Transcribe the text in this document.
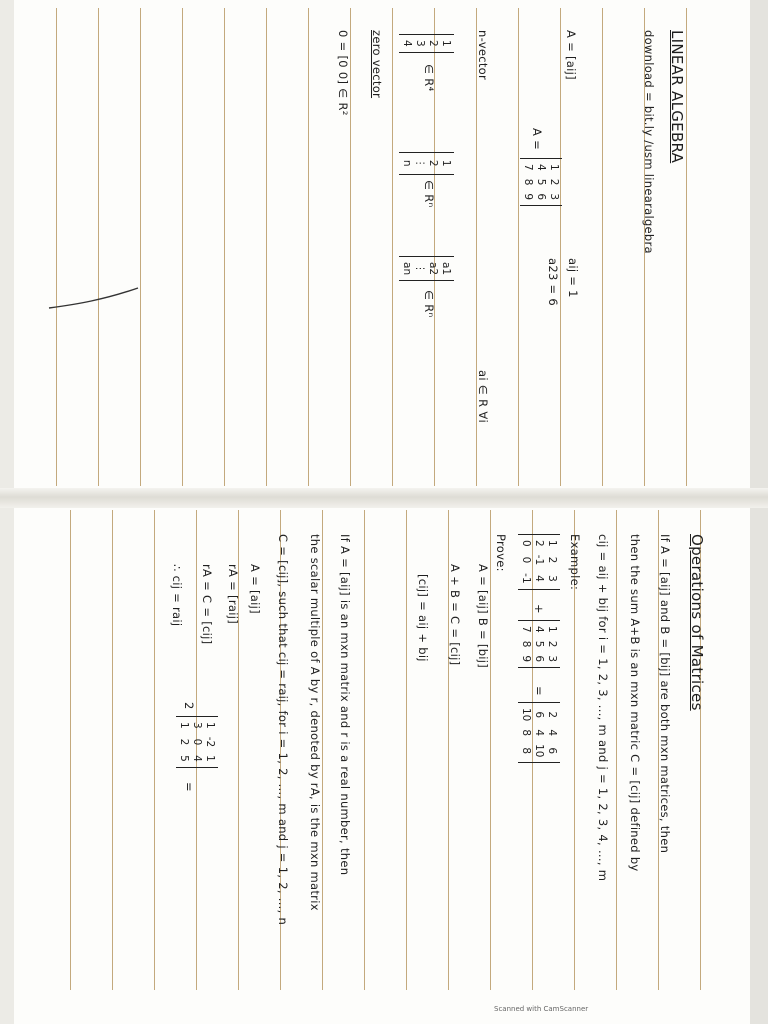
LINEAR ALGEBRA
download = bit.ly /usm linearalgebra
A = [aij]
A =
1
2
3
4
5
6
7
8
9
aij = 1
a23 = 6
n-vector
1
2
3
4
∈ R⁴
1
2
⋮
n
∈ Rⁿ
a1
a2
⋮
an
∈ Rⁿ
ai ∈ R ∀i
zero vector
0 = [0 0] ∈ R²
Operations of Matrices
If A = [aij] and B = [bij] are both mxn matrices, then
then the sum A+B is an mxn matric C = [cij] defined by
cij = aij + bij for i = 1, 2, 3, ..., m and j = 1, 2, 3, 4, ..., m
Example:
1
2
3
2
-1
4
0
0
-1
+
1
2
3
4
5
6
7
8
9
=
2
4
6
6
4
10
10
8
8
Prove:
A = [aij] B = [bij]
A + B = C = [cij]
[cij] = aij + bij
If A = [aij] is an mxn matrix and r is a real number, then
the scalar multiple of A by r, denoted by rA, is the mxn matrix
C = [cij], such that cij = raij, for i = 1, 2, ..., m and j = 1, 2, ..., n
A = [aij]
rA = [raij]
rA = C = [cij]
∴ cij = raij
2
1
-2
1
3
0
4
1
2
5
=
Scanned with CamScanner
